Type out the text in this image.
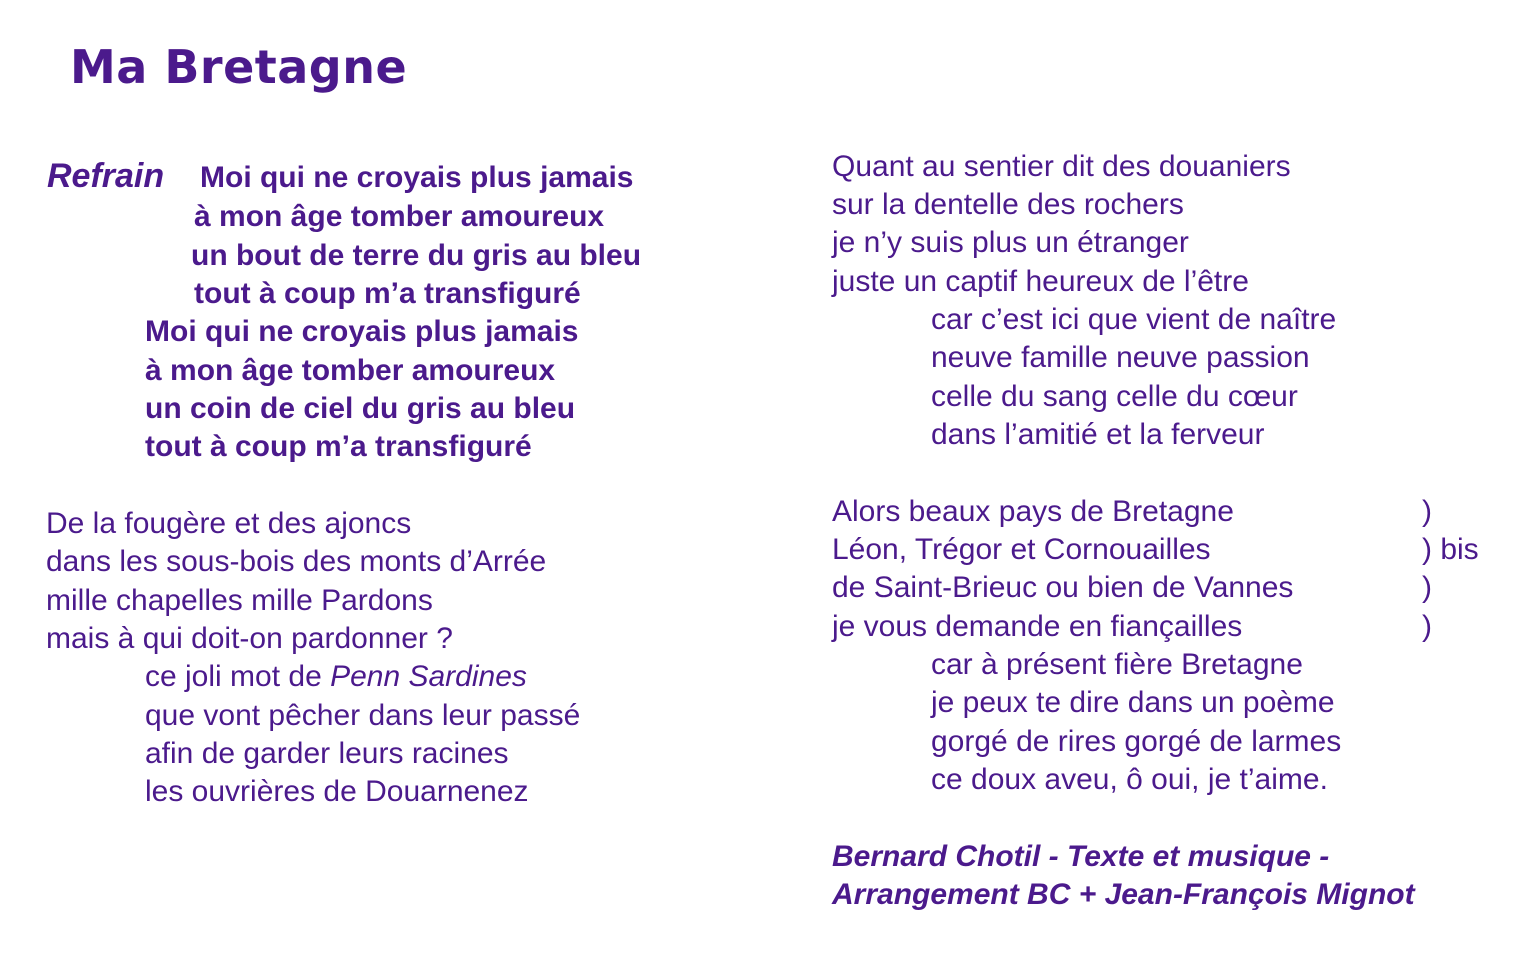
Ma Bretagne
Refrain Moi qui ne croyais plus jamais
à mon âge tomber amoureux
un bout de terre du gris au bleu
tout à coup m’a transfiguré
Moi qui ne croyais plus jamais
à mon âge tomber amoureux
un coin de ciel du gris au bleu
tout à coup m’a transfiguré
De la fougère et des ajoncs
dans les sous-bois des monts d’Arrée
mille chapelles mille Pardons
mais à qui doit-on pardonner ?
ce joli mot de Penn Sardines
que vont pêcher dans leur passé
afin de garder leurs racines
les ouvrières de Douarnenez
Quant au sentier dit des douaniers
sur la dentelle des rochers
je n’y suis plus un étranger
juste un captif heureux de l’être
car c’est ici que vient de naître
neuve famille neuve passion
celle du sang celle du cœur
dans l’amitié et la ferveur
Alors beaux pays de Bretagne
Léon, Trégor et Cornouailles
de Saint-Brieuc ou bien de Vannes
je vous demande en fiançailles
)
) bis
)
)
car à présent fière Bretagne
je peux te dire dans un poème
gorgé de rires gorgé de larmes
ce doux aveu, ô oui, je t’aime.
Bernard Chotil - Texte et musique -
Arrangement BC + Jean-François Mignot
